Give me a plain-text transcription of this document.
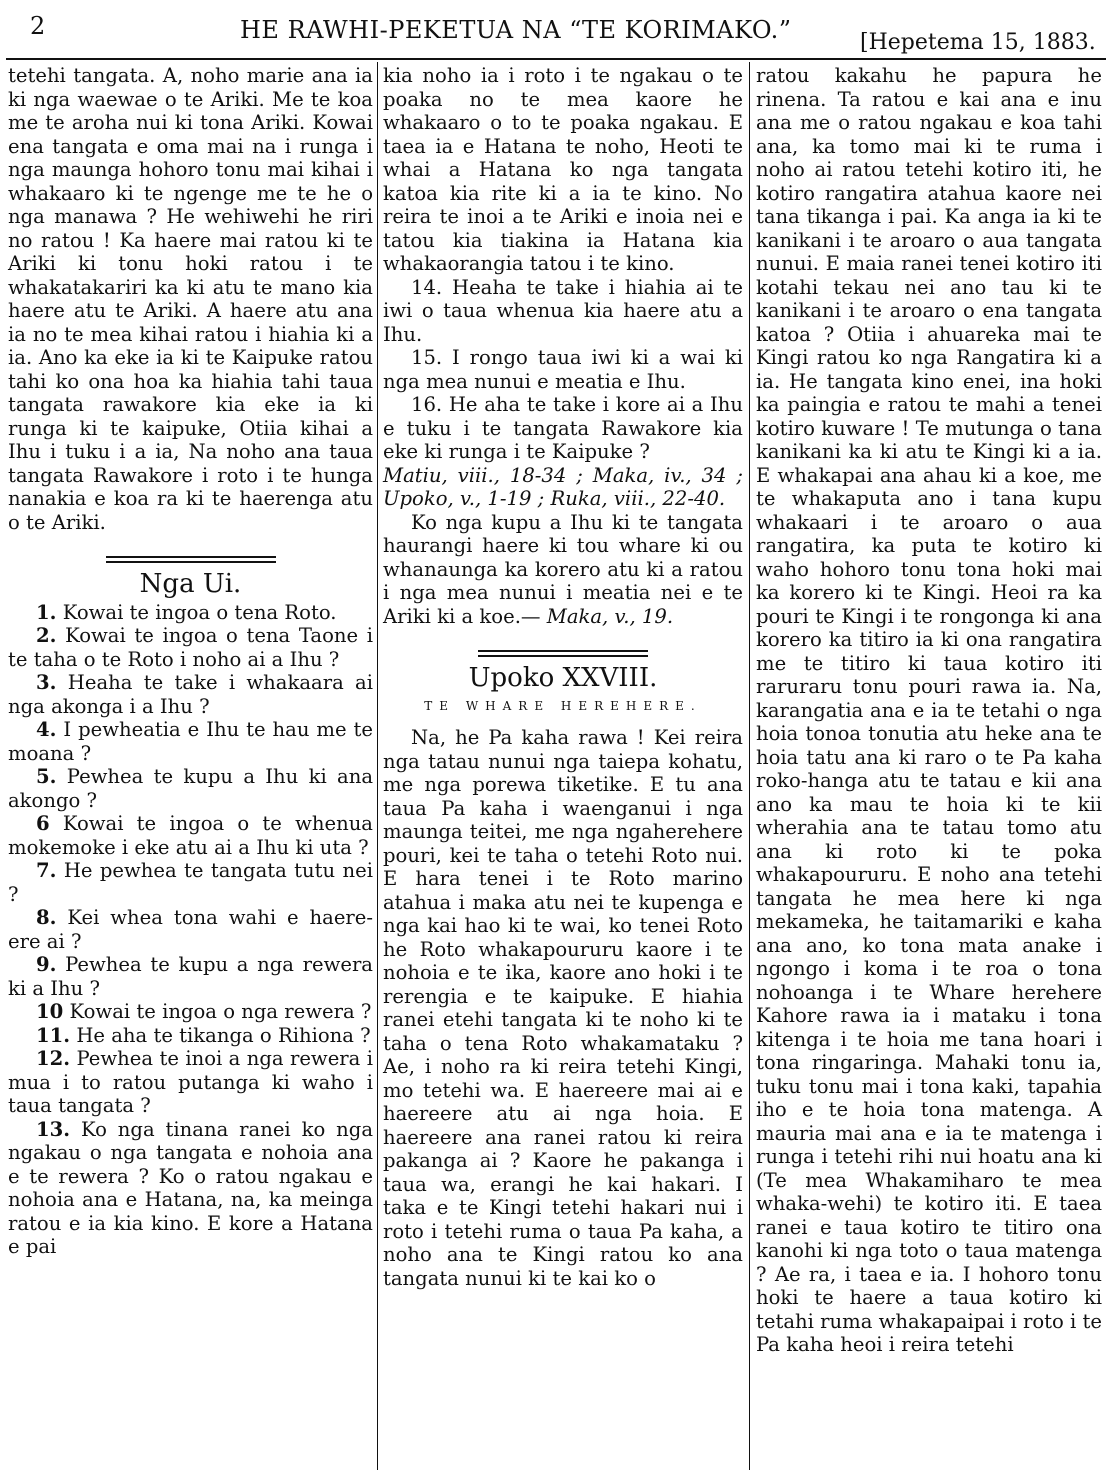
2	HE RAWHI-PEKETUA NA “TE KORIMAKO.”	[Hepetema 15, 1883.

tetehi tangata. A, noho marie ana ia ki nga waewae o te Ariki. Me te koa me te aroha nui ki tona Ariki. Kowai ena tangata e oma mai na i runga i nga maunga hohoro tonu mai kihai i whakaaro ki te ngenge me te he o nga manawa ? He wehiwehi he riri no ratou ! Ka haere mai ratou ki te Ariki ki tonu hoki ratou i te whakatakariri ka ki atu te mano kia haere atu te Ariki. A haere atu ana ia no te mea kihai ratou i hiahia ki a ia. Ano ka eke ia ki te Kaipuke ratou tahi ko ona hoa ka hiahia tahi taua tangata rawakore kia eke ia ki runga ki te kaipuke, Otiia kihai a Ihu i tuku i a ia, Na noho ana taua tangata Rawakore i roto i te hunga nanakia e koa ra ki te haerenga atu o te Ariki.

Nga Ui.

1. Kowai te ingoa o tena Roto.

2. Kowai te ingoa o tena Taone i te taha o te Roto i noho ai a Ihu ?

3. Heaha te take i whakaara ai nga akonga i a Ihu ?

4. I pewheatia e Ihu te hau me te moana ?

5. Pewhea te kupu a Ihu ki ana akongo ?

6 Kowai te ingoa o te whenua mokemoke i eke atu ai a Ihu ki uta ?

7. He pewhea te tangata tutu nei ?

8. Kei whea tona wahi e haere-ere ai ?

9. Pewhea te kupu a nga rewera ki a Ihu ?

10 Kowai te ingoa o nga rewera ?

11. He aha te tikanga o Rihiona ?

12. Pewhea te inoi a nga rewera i mua i to ratou putanga ki waho i taua tangata ?

13. Ko nga tinana ranei ko nga ngakau o nga tangata e nohoia ana e te rewera ? Ko o ratou ngakau e nohoia ana e Hatana, na, ka meinga ratou e ia kia kino. E kore a Hatana e pai

kia noho ia i roto i te ngakau o te poaka no te mea kaore he whakaaro o to te poaka ngakau. E taea ia e Hatana te noho, Heoti te whai a Hatana ko nga tangata katoa kia rite ki a ia te kino. No reira te inoi a te Ariki e inoia nei e tatou kia tiakina ia Hatana kia whakaorangia tatou i te kino.

14. Heaha te take i hiahia ai te iwi o taua whenua kia haere atu a Ihu.

15. I rongo taua iwi ki a wai ki nga mea nunui e meatia e Ihu.

16. He aha te take i kore ai a Ihu e tuku i te tangata Rawakore kia eke ki runga i te Kaipuke ?

Matiu, viii., 18-34 ; Maka, iv., 34 ; Upoko, v., 1-19 ; Ruka, viii., 22-40.

Ko nga kupu a Ihu ki te tangata haurangi haere ki tou whare ki ou whanaunga ka korero atu ki a ratou i nga mea nunui i meatia nei e te Ariki ki a koe.— Maka, v., 19.

Upoko XXVIII.
TE WHARE HEREHERE.

Na, he Pa kaha rawa ! Kei reira nga tatau nunui nga taiepa kohatu, me nga porewa tiketike. E tu ana taua Pa kaha i waenganui i nga maunga teitei, me nga ngaherehere pouri, kei te taha o tetehi Roto nui. E hara tenei i te Roto marino atahua i maka atu nei te kupenga e nga kai hao ki te wai, ko tenei Roto he Roto whakapoururu kaore i te nohoia e te ika, kaore ano hoki i te rerengia e te kaipuke. E hiahia ranei etehi tangata ki te noho ki te taha o tena Roto whakamataku ? Ae, i noho ra ki reira tetehi Kingi, mo tetehi wa. E haereere mai ai e haereere atu ai nga hoia. E haereere ana ranei ratou ki reira pakanga ai ? Kaore he pakanga i taua wa, erangi he kai hakari. I taka e te Kingi tetehi hakari nui i roto i tetehi ruma o taua Pa kaha, a noho ana te Kingi ratou ko ana tangata nunui ki te kai ko o

ratou kakahu he papura he rinena. Ta ratou e kai ana e inu ana me o ratou ngakau e koa tahi ana, ka tomo mai ki te ruma i noho ai ratou tetehi kotiro iti, he kotiro rangatira atahua kaore nei tana tikanga i pai. Ka anga ia ki te kanikani i te aroaro o aua tangata nunui. E maia ranei tenei kotiro iti kotahi tekau nei ano tau ki te kanikani i te aroaro o ena tangata katoa ? Otiia i ahuareka mai te Kingi ratou ko nga Rangatira ki a ia. He tangata kino enei, ina hoki ka paingia e ratou te mahi a tenei kotiro kuware ! Te mutunga o tana kanikani ka ki atu te Kingi ki a ia. E whakapai ana ahau ki a koe, me te whakaputa ano i tana kupu whakaari i te aroaro o aua rangatira, ka puta te kotiro ki waho hohoro tonu tona hoki mai ka korero ki te Kingi. Heoi ra ka pouri te Kingi i te rongonga ki ana korero ka titiro ia ki ona rangatira me te titiro ki taua kotiro iti raruraru tonu pouri rawa ia. Na, karangatia ana e ia te tetahi o nga hoia tonoa tonutia atu heke ana te hoia tatu ana ki raro o te Pa kaha roko-hanga atu te tatau e kii ana ano ka mau te hoia ki te kii wherahia ana te tatau tomo atu ana ki roto ki te poka whakapoururu. E noho ana tetehi tangata he mea here ki nga mekameka, he taitamariki e kaha ana ano, ko tona mata anake i ngongo i koma i te roa o tona nohoanga i te Whare herehere Kahore rawa ia i mataku i tona kitenga i te hoia me tana hoari i tona ringaringa. Mahaki tonu ia, tuku tonu mai i tona kaki, tapahia iho e te hoia tona matenga. A mauria mai ana e ia te matenga i runga i tetehi rihi nui hoatu ana ki (Te mea Whakamiharo te mea whaka-wehi) te kotiro iti. E taea ranei e taua kotiro te titiro ona kanohi ki nga toto o taua matenga ? Ae ra, i taea e ia. I hohoro tonu hoki te haere a taua kotiro ki tetahi ruma whakapaipai i roto i te Pa kaha heoi i reira tetehi
